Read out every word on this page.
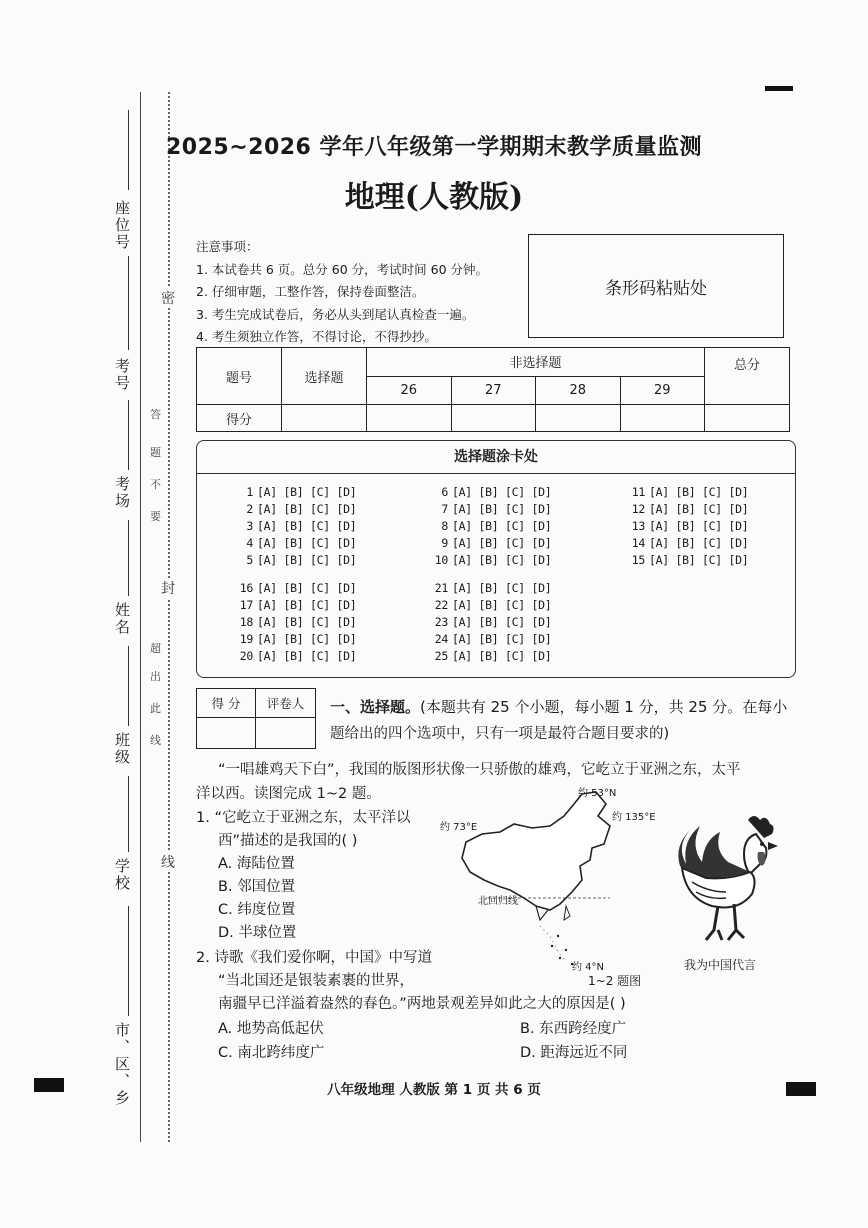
座位号
考号
考场
姓名
班级
学校
市、区、乡
密
封
线
答
题
不
要
超
出
此
线
2025~2026 学年八年级第一学期期末教学质量监测
地理(人教版)
注意事项：
1. 本试卷共 6 页。总分 60 分，考试时间 60 分钟。
2. 仔细审题，工整作答，保持卷面整洁。
3. 考生完成试卷后，务必从头到尾认真检查一遍。
4. 考生须独立作答，不得讨论，不得抄抄。
条形码粘贴处
题号	选择题	非选择题				总分
		26	27	28	29	
得分						
选择题涂卡处
1 [A] [B] [C] [D]
2 [A] [B] [C] [D]
3 [A] [B] [C] [D]
4 [A] [B] [C] [D]
5 [A] [B] [C] [D]
6 [A] [B] [C] [D]
7 [A] [B] [C] [D]
8 [A] [B] [C] [D]
9 [A] [B] [C] [D]
10 [A] [B] [C] [D]
11 [A] [B] [C] [D]
12 [A] [B] [C] [D]
13 [A] [B] [C] [D]
14 [A] [B] [C] [D]
15 [A] [B] [C] [D]
16 [A] [B] [C] [D]
17 [A] [B] [C] [D]
18 [A] [B] [C] [D]
19 [A] [B] [C] [D]
20 [A] [B] [C] [D]
21 [A] [B] [C] [D]
22 [A] [B] [C] [D]
23 [A] [B] [C] [D]
24 [A] [B] [C] [D]
25 [A] [B] [C] [D]
得 分	评卷人
	一、选择题。(本题共有 25 个小题，每小题 1 分，共 25 分。在每小
题给出的四个选项中，只有一项是最符合题目要求的)
“一唱雄鸡天下白”，我国的版图形状像一只骄傲的雄鸡，它屹立于亚洲之东，太平
洋以西。读图完成 1~2 题。
1. “它屹立于亚洲之东，太平洋以
西”描述的是我国的( )
A. 海陆位置
B. 邻国位置
C. 纬度位置
D. 半球位置
2. 诗歌《我们爱你啊，中国》中写道
“当北国还是银装素裹的世界，
南疆早已洋溢着盎然的春色。”两地景观差异如此之大的原因是( )
A. 地势高低起伏	B. 东西跨经度广
C. 南北跨纬度广	D. 距海远近不同
约 53°N
约 73°E
约 135°E
北回归线
约 4°N
1~2 题图
我为中国代言
八年级地理 人教版 第 1 页 共 6 页
